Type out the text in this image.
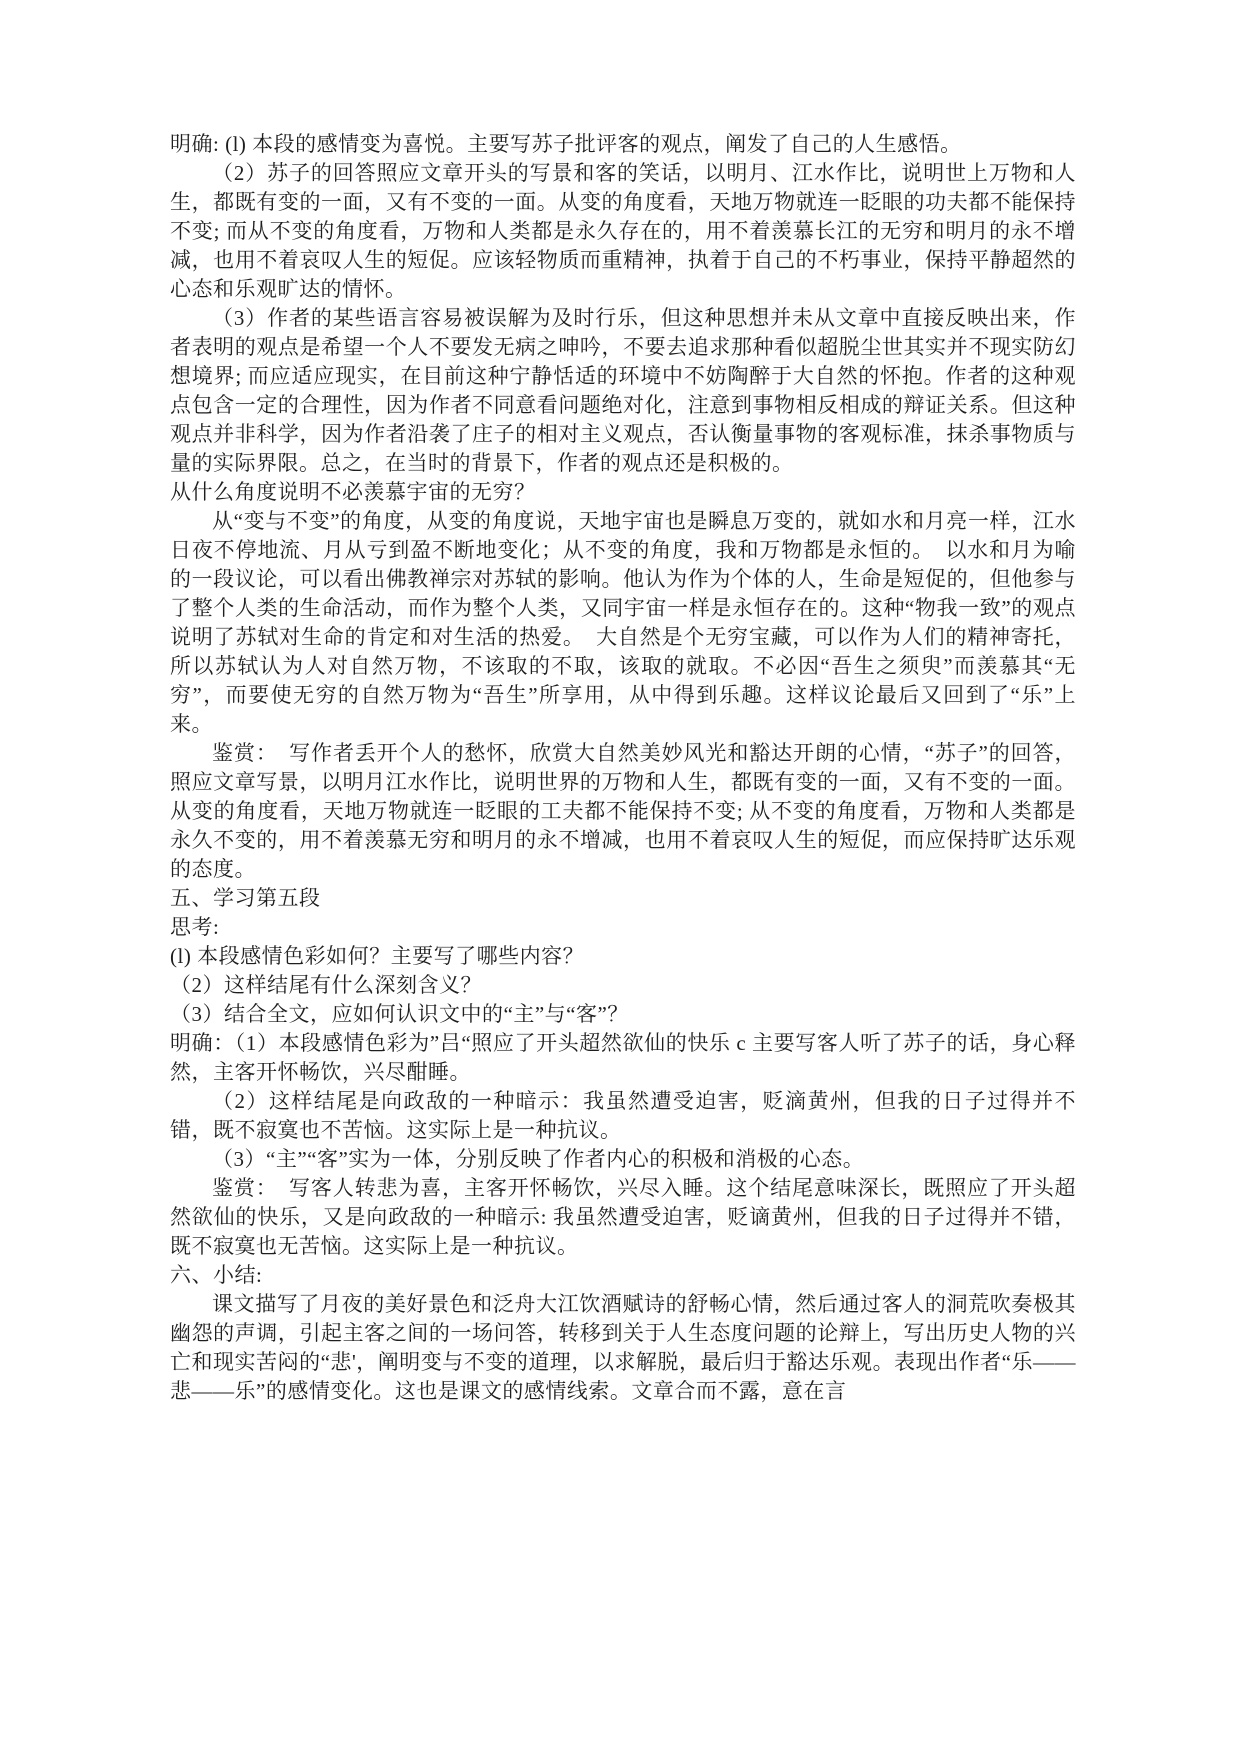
明确: (l) 本段的感情变为喜悦。主要写苏子批评客的观点，阐发了自己的人生感悟。

（2）苏子的回答照应文章开头的写景和客的笑话，以明月、江水作比，说明世上万物和人生，都既有变的一面，又有不变的一面。从变的角度看，天地万物就连一眨眼的功夫都不能保持不变; 而从不变的角度看，万物和人类都是永久存在的，用不着羡慕长江的无穷和明月的永不增减，也用不着哀叹人生的短促。应该轻物质而重精神，执着于自己的不朽事业，保持平静超然的心态和乐观旷达的情怀。

（3）作者的某些语言容易被误解为及时行乐，但这种思想并未从文章中直接反映出来，作者表明的观点是希望一个人不要发无病之呻吟，不要去追求那种看似超脱尘世其实并不现实防幻想境界; 而应适应现实，在目前这种宁静恬适的环境中不妨陶醉于大自然的怀抱。作者的这种观点包含一定的合理性，因为作者不同意看问题绝对化，注意到事物相反相成的辩证关系。但这种观点并非科学，因为作者沿袭了庄子的相对主义观点，否认衡量事物的客观标准，抹杀事物质与量的实际界限。总之，在当时的背景下，作者的观点还是积极的。

从什么角度说明不必羡慕宇宙的无穷？

从“变与不变”的角度，从变的角度说，天地宇宙也是瞬息万变的，就如水和月亮一样，江水日夜不停地流、月从亏到盈不断地变化；从不变的角度，我和万物都是永恒的。　以水和月为喻的一段议论，可以看出佛教禅宗对苏轼的影响。他认为作为个体的人，生命是短促的，但他参与了整个人类的生命活动，而作为整个人类，又同宇宙一样是永恒存在的。这种“物我一致”的观点说明了苏轼对生命的肯定和对生活的热爱。　大自然是个无穷宝藏，可以作为人们的精神寄托，所以苏轼认为人对自然万物，不该取的不取，该取的就取。不必因“吾生之须臾”而羡慕其“无穷”，而要使无穷的自然万物为“吾生”所享用，从中得到乐趣。这样议论最后又回到了“乐”上来。

鉴赏：　写作者丢开个人的愁怀，欣赏大自然美妙风光和豁达开朗的心情，“苏子”的回答，照应文章写景，以明月江水作比，说明世界的万物和人生，都既有变的一面，又有不变的一面。从变的角度看，天地万物就连一眨眼的工夫都不能保持不变; 从不变的角度看，万物和人类都是永久不变的，用不着羡慕无穷和明月的永不增减，也用不着哀叹人生的短促，而应保持旷达乐观的态度。

五、学习第五段

思考:

(l) 本段感情色彩如何？主要写了哪些内容？

（2）这样结尾有什么深刻含义？

（3）结合全文，应如何认识文中的“主”与“客”？

明确：（1）本段感情色彩为”吕“照应了开头超然欲仙的快乐 c 主要写客人听了苏子的话，身心释然，主客开怀畅饮，兴尽酣睡。

（2）这样结尾是向政敌的一种暗示：我虽然遭受迫害，贬滴黄州，但我的日子过得并不错，既不寂寞也不苦恼。这实际上是一种抗议。

（3）“主”“客”实为一体，分别反映了作者内心的积极和消极的心态。

鉴赏：　写客人转悲为喜，主客开怀畅饮，兴尽入睡。这个结尾意味深长，既照应了开头超然欲仙的快乐，又是向政敌的一种暗示: 我虽然遭受迫害，贬谪黄州，但我的日子过得并不错，既不寂寞也无苦恼。这实际上是一种抗议。

六、小结:

课文描写了月夜的美好景色和泛舟大江饮酒赋诗的舒畅心情，然后通过客人的洞荒吹奏极其幽怨的声调，引起主客之间的一场问答，转移到关于人生态度问题的论辩上，写出历史人物的兴亡和现实苦闷的“悲'，阐明变与不变的道理，以求解脱，最后归于豁达乐观。表现出作者“乐——悲——乐”的感情变化。这也是课文的感情线索。文章合而不露，意在言
